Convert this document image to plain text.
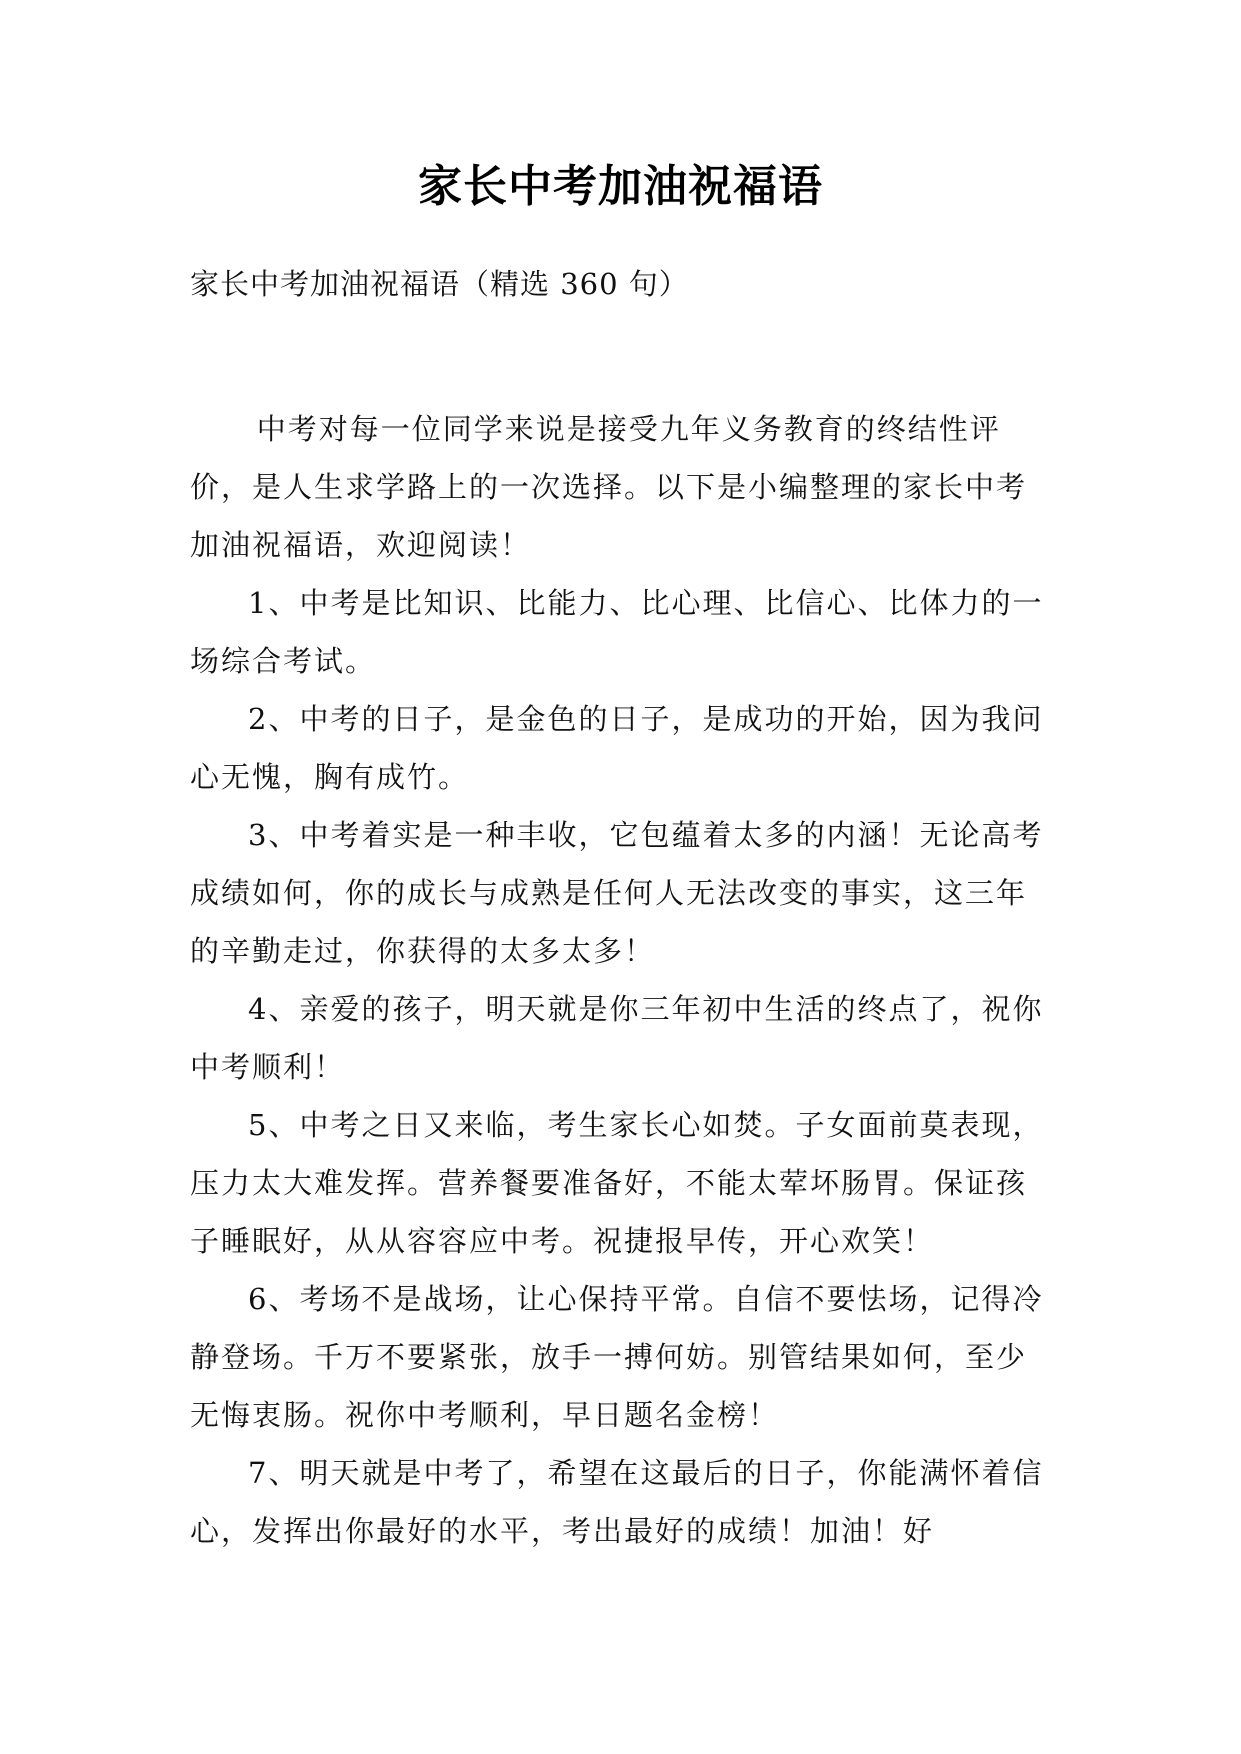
家长中考加油祝福语
家长中考加油祝福语（精选 360 句）

中考对每一位同学来说是接受九年义务教育的终结性评价，是人生求学路上的一次选择。以下是小编整理的家长中考加油祝福语，欢迎阅读！

1、中考是比知识、比能力、比心理、比信心、比体力的一场综合考试。

2、中考的日子，是金色的日子，是成功的开始，因为我问心无愧，胸有成竹。

3、中考着实是一种丰收，它包蕴着太多的内涵！无论高考成绩如何，你的成长与成熟是任何人无法改变的事实，这三年的辛勤走过，你获得的太多太多！

4、亲爱的孩子，明天就是你三年初中生活的终点了，祝你中考顺利！

5、中考之日又来临，考生家长心如焚。子女面前莫表现，压力太大难发挥。营养餐要准备好，不能太荤坏肠胃。保证孩子睡眠好，从从容容应中考。祝捷报早传，开心欢笑！

6、考场不是战场，让心保持平常。自信不要怯场，记得冷静登场。千万不要紧张，放手一搏何妨。别管结果如何，至少无悔衷肠。祝你中考顺利，早日题名金榜！

7、明天就是中考了，希望在这最后的日子，你能满怀着信心，发挥出你最好的水平，考出最好的成绩！加油！好
